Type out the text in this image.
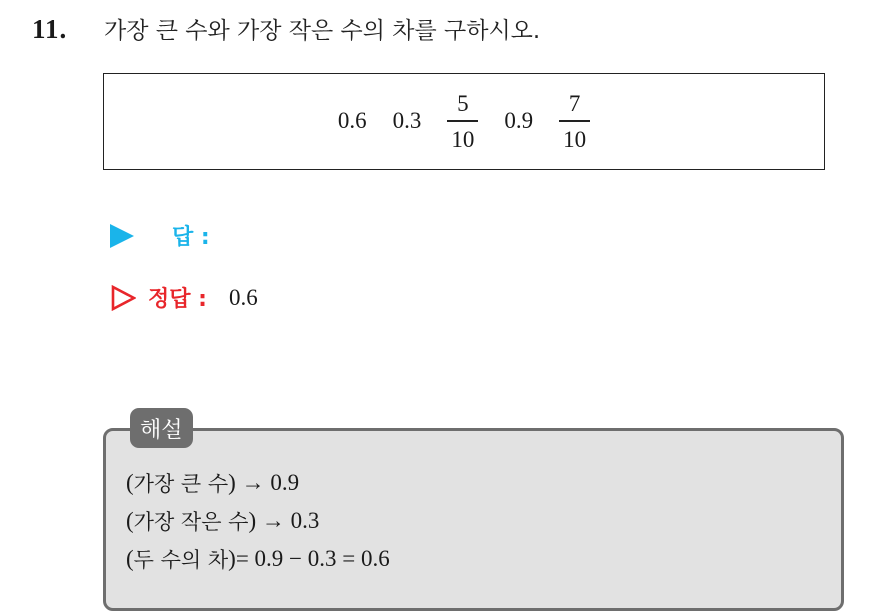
11.	가장 큰 수와 가장 작은 수의 차를 구하시오.
0.6 $0.3 \frac{5}{10} 0.9 \frac{7}{10}$
답 :
정답 : 0.6
해설
( 가장 큰 수 ) → 0.9
( 가장 작은 수 ) → 0.3
( 두 수의 차 )= 0.9 − 0.3 = 0.6
